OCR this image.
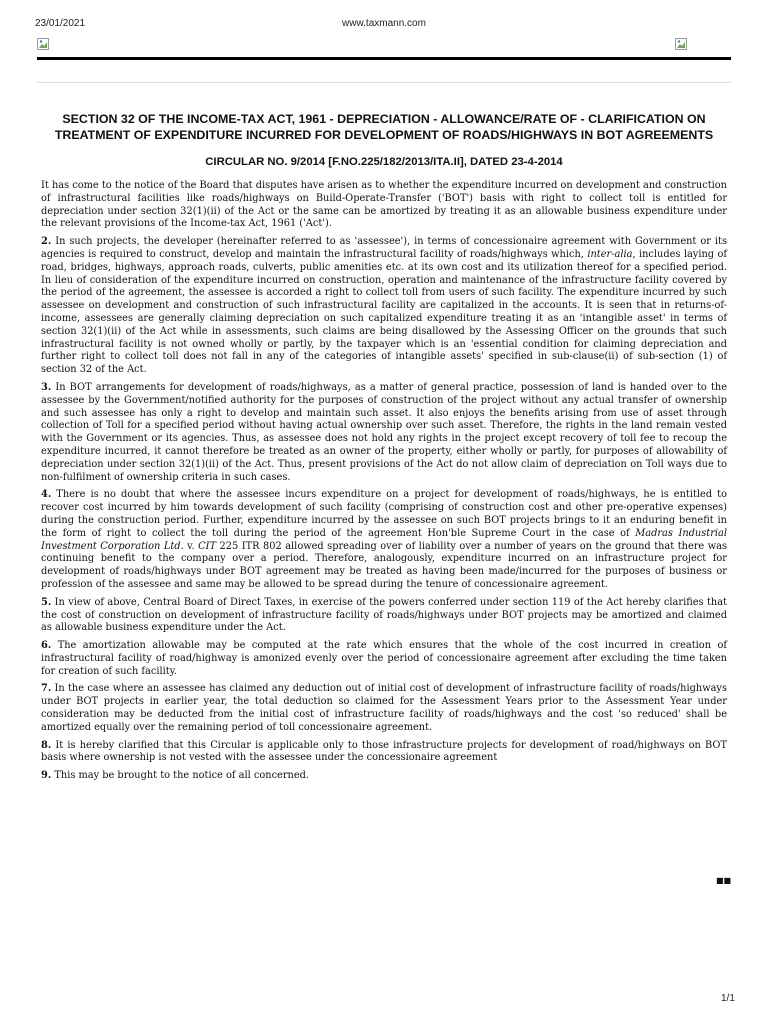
23/01/2021	www.taxmann.com
SECTION 32 OF THE INCOME-TAX ACT, 1961 - DEPRECIATION - ALLOWANCE/RATE OF - CLARIFICATION ON TREATMENT OF EXPENDITURE INCURRED FOR DEVELOPMENT OF ROADS/HIGHWAYS IN BOT AGREEMENTS
CIRCULAR NO. 9/2014 [F.NO.225/182/2013/ITA.II], DATED 23-4-2014

It has come to the notice of the Board that disputes have arisen as to whether the expenditure incurred on development and construction of infrastructural facilities like roads/highways on Build-Operate-Transfer ('BOT') basis with right to collect toll is entitled for depreciation under section 32(1)(ii) of the Act or the same can be amortized by treating it as an allowable business expenditure under the relevant provisions of the Income-tax Act, 1961 ('Act').

2. In such projects, the developer (hereinafter referred to as 'assessee'), in terms of concessionaire agreement with Government or its agencies is required to construct, develop and maintain the infrastructural facility of roads/highways which, inter-alia, includes laying of road, bridges, highways, approach roads, culverts, public amenities etc. at its own cost and its utilization thereof for a specified period. In lieu of consideration of the expenditure incurred on construction, operation and maintenance of the infrastructure facility covered by the period of the agreement, the assessee is accorded a right to collect toll from users of such facility. The expenditure incurred by such assessee on development and construction of such infrastructural facility are capitalized in the accounts. It is seen that in returns-of-income, assessees are generally claiming depreciation on such capitalized expenditure treating it as an 'intangible asset' in terms of section 32(1)(ii) of the Act while in assessments, such claims are being disallowed by the Assessing Officer on the grounds that such infrastructural facility is not owned wholly or partly, by the taxpayer which is an 'essential condition for claiming depreciation and further right to collect toll does not fall in any of the categories of intangible assets' specified in sub-clause(ii) of sub-section (1) of section 32 of the Act.

3. In BOT arrangements for development of roads/highways, as a matter of general practice, possession of land is handed over to the assessee by the Government/notified authority for the purposes of construction of the project without any actual transfer of ownership and such assessee has only a right to develop and maintain such asset. It also enjoys the benefits arising from use of asset through collection of Toll for a specified period without having actual ownership over such asset. Therefore, the rights in the land remain vested with the Government or its agencies. Thus, as assessee does not hold any rights in the project except recovery of toll fee to recoup the expenditure incurred, it cannot therefore be treated as an owner of the property, either wholly or partly, for purposes of allowability of depreciation under section 32(1)(ii) of the Act. Thus, present provisions of the Act do not allow claim of depreciation on Toll ways due to non-fulfilment of ownership criteria in such cases.

4. There is no doubt that where the assessee incurs expenditure on a project for development of roads/highways, he is entitled to recover cost incurred by him towards development of such facility (comprising of construction cost and other pre-operative expenses) during the construction period. Further, expenditure incurred by the assessee on such BOT projects brings to it an enduring benefit in the form of right to collect the toll during the period of the agreement Hon'ble Supreme Court in the case of Madras Industrial Investment Corporation Ltd. v. CIT 225 ITR 802 allowed spreading over of liability over a number of years on the ground that there was continuing benefit to the company over a period. Therefore, analogously, expenditure incurred on an infrastructure project for development of roads/highways under BOT agreement may be treated as having been made/incurred for the purposes of business or profession of the assessee and same may be allowed to be spread during the tenure of concessionaire agreement.

5. In view of above, Central Board of Direct Taxes, in exercise of the powers conferred under section 119 of the Act hereby clarifies that the cost of construction on development of infrastructure facility of roads/highways under BOT projects may be amortized and claimed as allowable business expenditure under the Act.

6. The amortization allowable may be computed at the rate which ensures that the whole of the cost incurred in creation of infrastructural facility of road/highway is amonized evenly over the period of concessionaire agreement after excluding the time taken for creation of such facility.

7. In the case where an assessee has claimed any deduction out of initial cost of development of infrastructure facility of roads/highways under BOT projects in earlier year, the total deduction so claimed for the Assessment Years prior to the Assessment Year under consideration may be deducted from the initial cost of infrastructure facility of roads/highways and the cost 'so reduced' shall be amortized equally over the remaining period of toll concessionaire agreement.

8. It is hereby clarified that this Circular is applicable only to those infrastructure projects for development of road/highways on BOT basis where ownership is not vested with the assessee under the concessionaire agreement

9. This may be brought to the notice of all concerned.

■■
1/1
